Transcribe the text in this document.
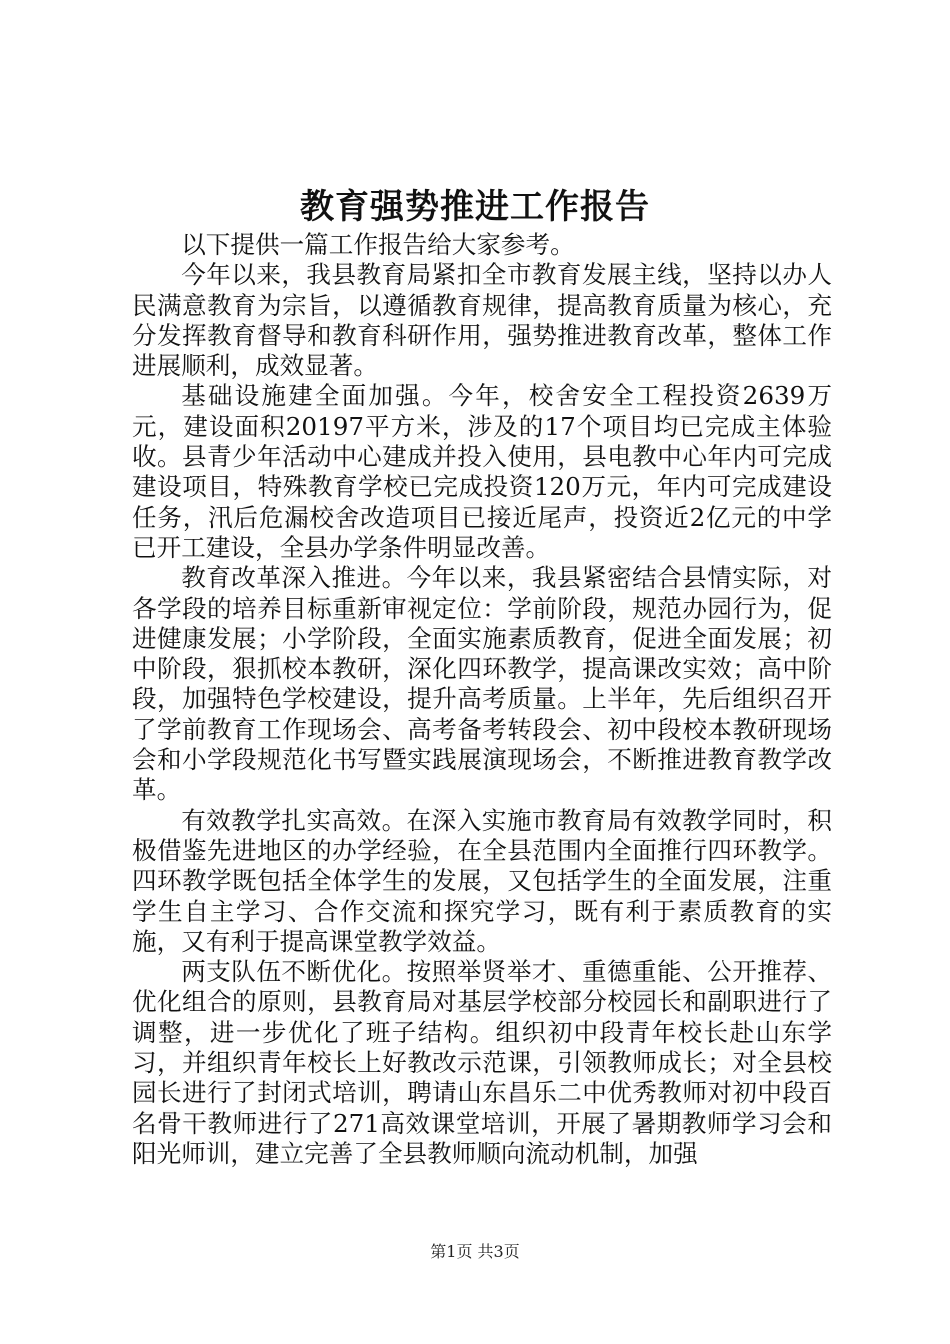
教育强势推进工作报告

以下提供一篇工作报告给大家参考。

今年以来，我县教育局紧扣全市教育发展主线，坚持以办人民满意教育为宗旨，以遵循教育规律，提高教育质量为核心，充分发挥教育督导和教育科研作用，强势推进教育改革，整体工作进展顺利，成效显著。

基础设施建全面加强。今年，校舍安全工程投资2639万元，建设面积20197平方米，涉及的17个项目均已完成主体验收。县青少年活动中心建成并投入使用，县电教中心年内可完成建设项目，特殊教育学校已完成投资120万元，年内可完成建设任务，汛后危漏校舍改造项目已接近尾声，投资近2亿元的中学已开工建设，全县办学条件明显改善。

教育改革深入推进。今年以来，我县紧密结合县情实际，对各学段的培养目标重新审视定位：学前阶段，规范办园行为，促进健康发展；小学阶段，全面实施素质教育，促进全面发展；初中阶段，狠抓校本教研，深化四环教学，提高课改实效；高中阶段，加强特色学校建设，提升高考质量。上半年，先后组织召开了学前教育工作现场会、高考备考转段会、初中段校本教研现场会和小学段规范化书写暨实践展演现场会，不断推进教育教学改革。

有效教学扎实高效。在深入实施市教育局有效教学同时，积极借鉴先进地区的办学经验，在全县范围内全面推行四环教学。四环教学既包括全体学生的发展，又包括学生的全面发展，注重学生自主学习、合作交流和探究学习，既有利于素质教育的实施，又有利于提高课堂教学效益。

两支队伍不断优化。按照举贤举才、重德重能、公开推荐、优化组合的原则，县教育局对基层学校部分校园长和副职进行了调整，进一步优化了班子结构。组织初中段青年校长赴山东学习，并组织青年校长上好教改示范课，引领教师成长；对全县校园长进行了封闭式培训，聘请山东昌乐二中优秀教师对初中段百名骨干教师进行了271高效课堂培训，开展了暑期教师学习会和阳光师训，建立完善了全县教师顺向流动机制，加强

第1页 共3页
